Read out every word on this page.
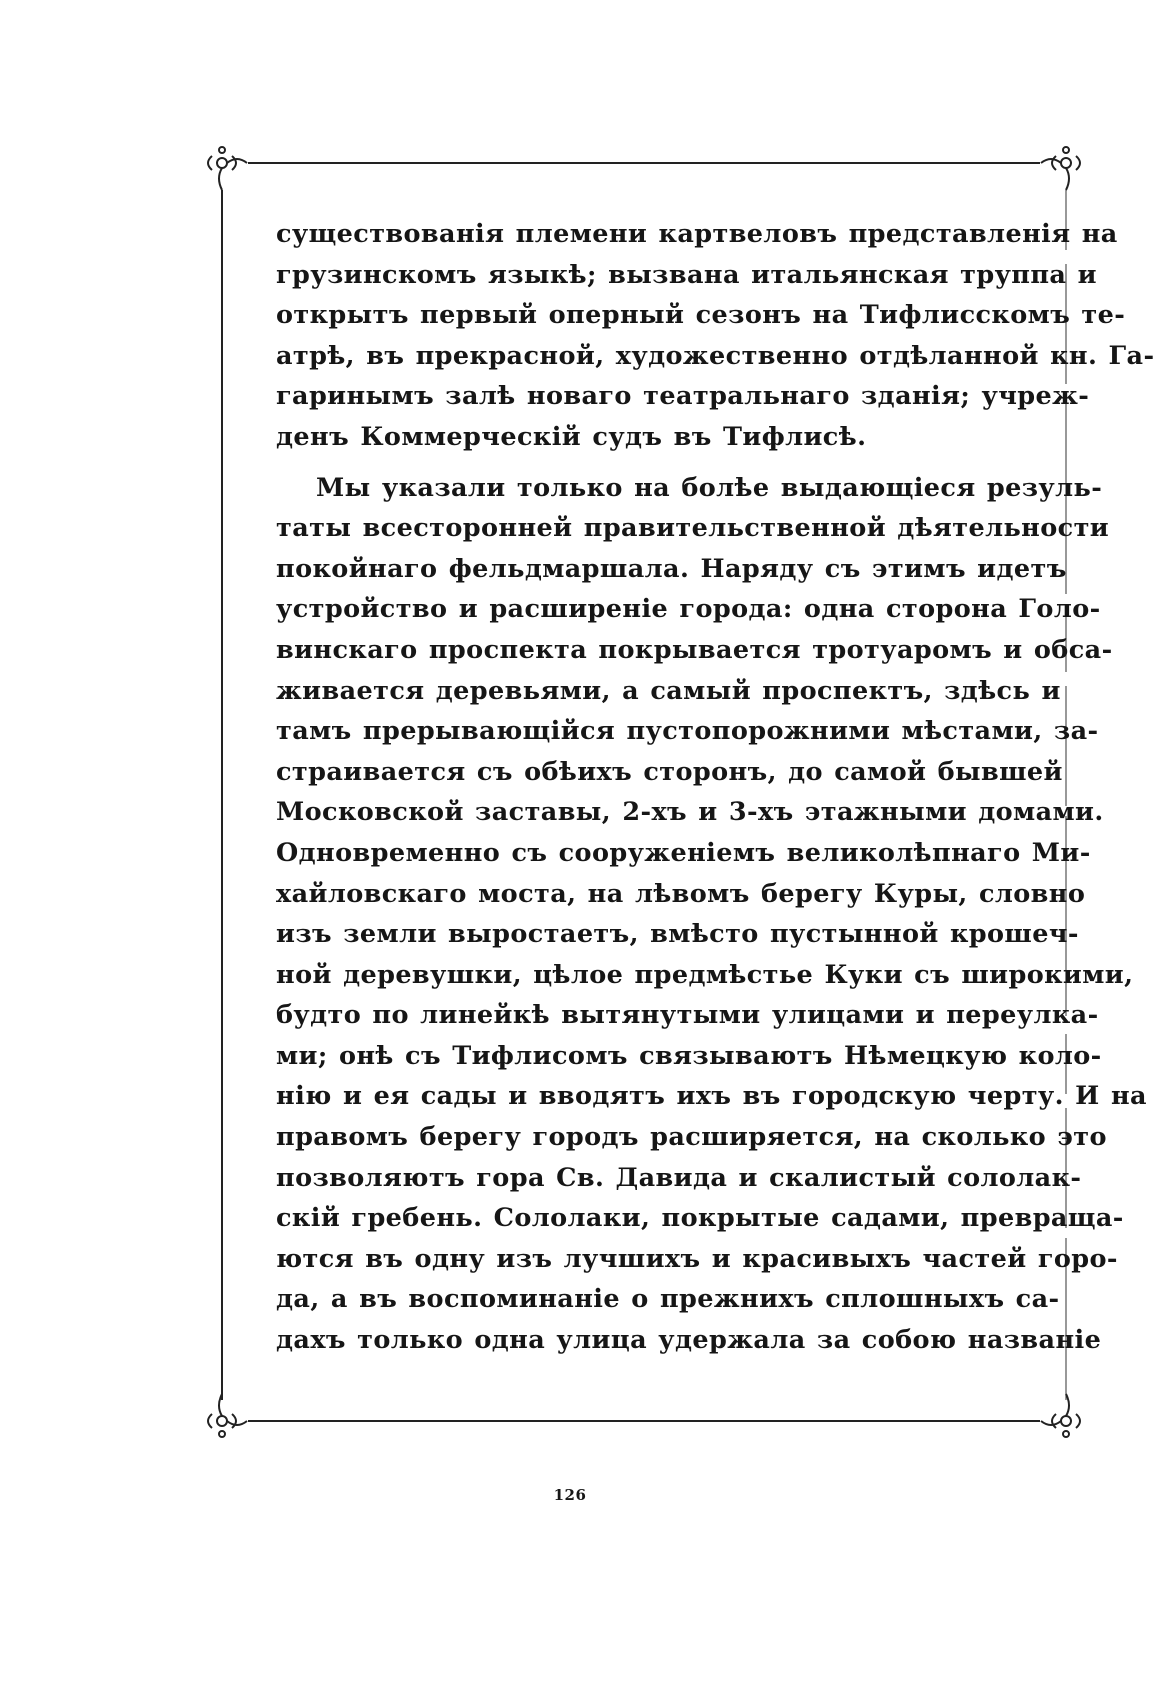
существованія племени картвеловъ представленія на
грузинскомъ языкѣ; вызвана итальянская труппа и
открытъ первый оперный сезонъ на Тифлисскомъ те-
атрѣ, въ прекрасной, художественно отдѣланной кн. Га-
гаринымъ залѣ новаго театральнаго зданія; учреж-
денъ Коммерческій судъ въ Тифлисѣ.
Мы указали только на болѣе выдающіеся резуль-
таты всесторонней правительственной дѣятельности
покойнаго фельдмаршала. Наряду съ этимъ идетъ
устройство и расширеніе города: одна сторона Голо-
винскаго проспекта покрывается тротуаромъ и обса-
живается деревьями, а самый проспектъ, здѣсь и
тамъ прерывающійся пустопорожними мѣстами, за-
страивается съ обѣихъ сторонъ, до самой бывшей
Московской заставы, 2-хъ и 3-хъ этажными домами.
Одновременно съ сооруженіемъ великолѣпнаго Ми-
хайловскаго моста, на лѣвомъ берегу Куры, словно
изъ земли выростаетъ, вмѣсто пустынной крошеч-
ной деревушки, цѣлое предмѣстье Куки съ широкими,
будто по линейкѣ вытянутыми улицами и переулка-
ми; онѣ съ Тифлисомъ связываютъ Нѣмецкую коло-
нію и ея сады и вводятъ ихъ въ городскую черту. И на
правомъ берегу городъ расширяется, на сколько это
позволяютъ гора Св. Давида и скалистый сололак-
скій гребень. Сололаки, покрытые садами, превраща-
ются въ одну изъ лучшихъ и красивыхъ частей горо-
да, а въ воспоминаніе о прежнихъ сплошныхъ са-
дахъ только одна улица удержала за собою названіе
126
